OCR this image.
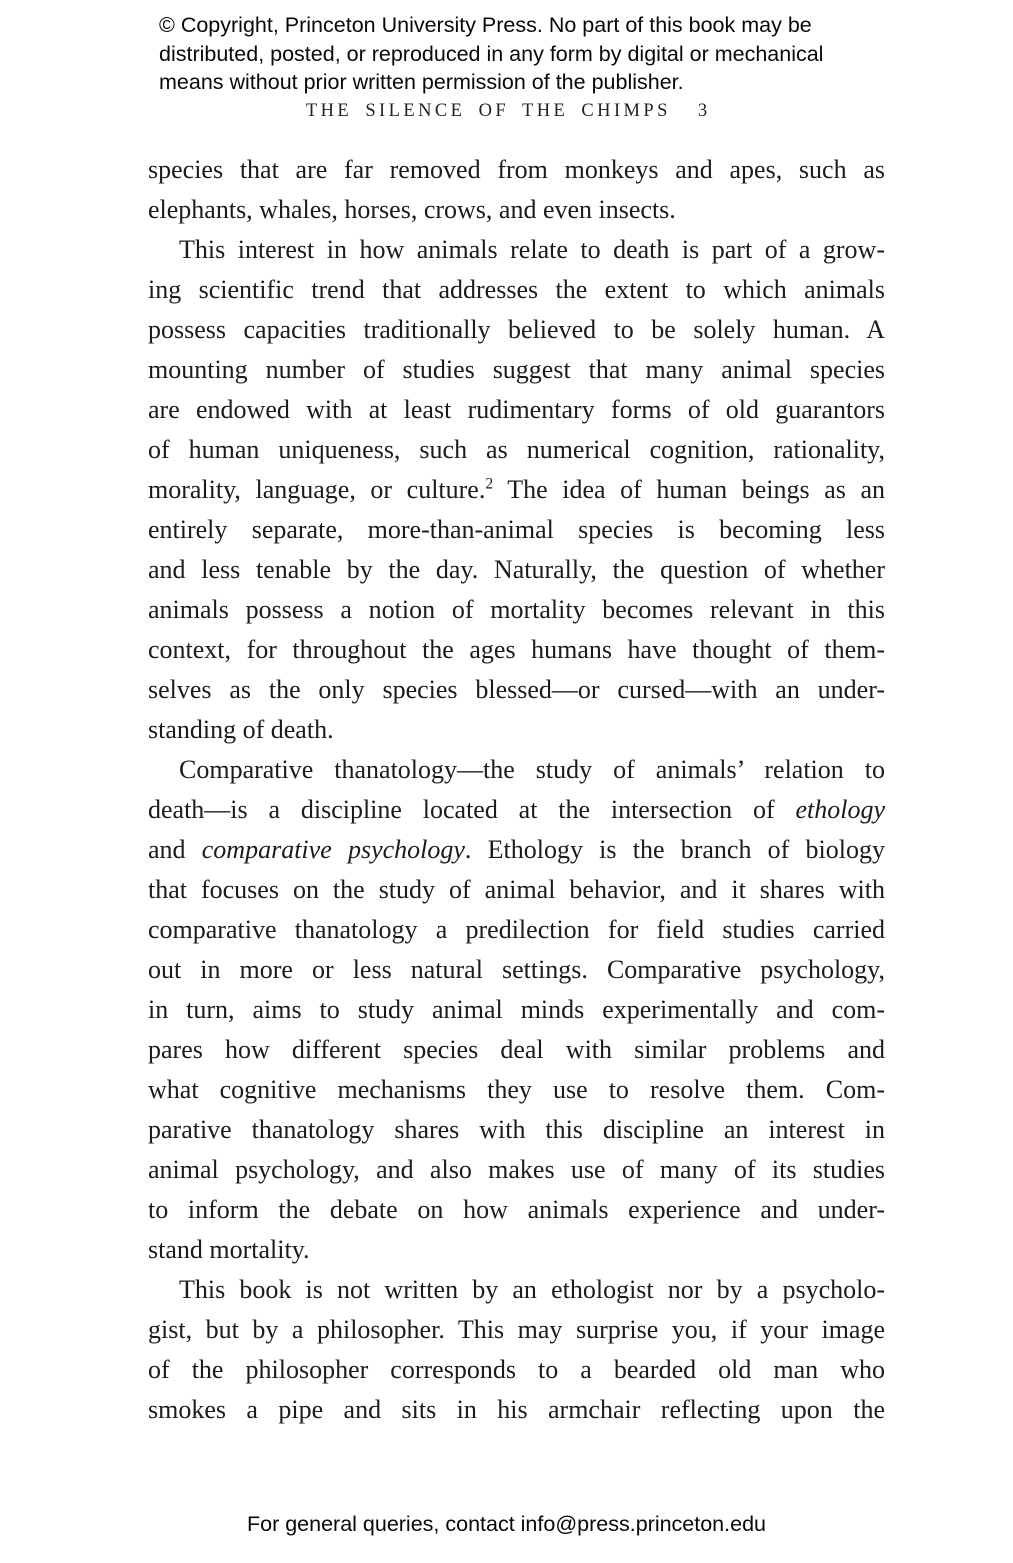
© Copyright, Princeton University Press. No part of this book may be
distributed, posted, or reproduced in any form by digital or mechanical
means without prior written permission of the publisher.
THE SILENCE OF THE CHIMPS 3
species that are far removed from monkeys and apes, such as
elephants, whales, horses, crows, and even insects.
This interest in how animals relate to death is part of a grow-
ing scientific trend that addresses the extent to which animals
possess capacities traditionally believed to be solely human. A
mounting number of studies suggest that many animal species
are endowed with at least rudimentary forms of old guarantors
of human uniqueness, such as numerical cognition, rationality,
morality, language, or culture.$^2$ The idea of human beings as an
entirely separate, more-than-animal species is becoming less
and less tenable by the day. Naturally, the question of whether
animals possess a notion of mortality becomes relevant in this
context, for throughout the ages humans have thought of them-
selves as the only species blessed—or cursed—with an under-
standing of death.
Comparative thanatology—the study of animals’ relation to
death—is a discipline located at the intersection of ethology
and comparative psychology. Ethology is the branch of biology
that focuses on the study of animal behavior, and it shares with
comparative thanatology a predilection for field studies carried
out in more or less natural settings. Comparative psychology,
in turn, aims to study animal minds experimentally and com-
pares how different species deal with similar problems and
what cognitive mechanisms they use to resolve them. Com-
parative thanatology shares with this discipline an interest in
animal psychology, and also makes use of many of its studies
to inform the debate on how animals experience and under-
stand mortality.
This book is not written by an ethologist nor by a psycholo-
gist, but by a philosopher. This may surprise you, if your image
of the philosopher corresponds to a bearded old man who
smokes a pipe and sits in his armchair reflecting upon the
For general queries, contact info@press.princeton.edu
